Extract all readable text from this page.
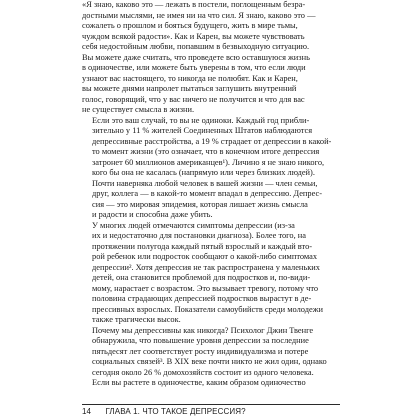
«Я знаю, каково это — лежать в постели, поглощенным безра-
достными мыслями, не имея ни на что сил. Я знаю, каково это —
сожалеть о прошлом и бояться будущего, жить в мире тьмы,
чуждом всякой радости». Как и Карен, вы можете чувствовать
себя недостойным любви, попавшим в безвыходную ситуацию.
Вы можете даже считать, что проведете всю оставшуюся жизнь
в одиночестве, или можете быть уверены в том, что если люди
узнают вас настоящего, то никогда не полюбят. Как и Карен,
вы можете днями напролет пытаться заглушить внутренний
голос, говорящий, что у вас ничего не получится и что для вас
не существует смысла в жизни.
Если это ваш случай, то вы не одиноки. Каждый год прибли-
зительно у 11 % жителей Соединенных Штатов наблюдаются
депрессивные расстройства, а 19 % страдает от депрессии в какой-
то момент жизни (это означает, что в конечном итоге депрессия
затронет 60 миллионов американцев¹). Личино я не знаю никого,
кого бы она не касалась (напрямую или через близких людей).
Почти наверняка любой человек в вашей жизни — член семьи,
друг, коллега — в какой-то момент впадал в депрессию. Депрес-
сия — это мировая эпидемия, которая лишает жизнь смысла
и радости и способна даже убить.
У многих людей отмечаются симптомы депрессии (из-за
их и недостаточно для постановки диагноза). Более того, на
протяжении полугода каждый пятый взрослый и каждый вто-
рой ребенок или подросток сообщают о какой-либо симптомах
депрессии². Хотя депрессия не так распространена у маленьких
детей, она становится проблемой для подростков и, по-види-
мому, нарастает с возрастом. Это вызывает тревогу, потому что
половина страдающих депрессией подростков вырастут в де-
прессивных взрослых. Показатели самоубийств среди молодежи
также трагически высок.
Почему мы депрессивны как никогда? Психолог Джин Твенге
обнаружила, что повышение уровня депрессии за последние
пятьдесят лет соответствует росту индивидуализма и потере
социальных связей³. В XIX веке почти никто не жил один, однако
сегодня около 26 % домохозяйств состоит из одного человека.
Если вы растете в одиночестве, каким образом одиночество
14 ГЛАВА 1. ЧТО ТАКОЕ ДЕПРЕССИЯ?
